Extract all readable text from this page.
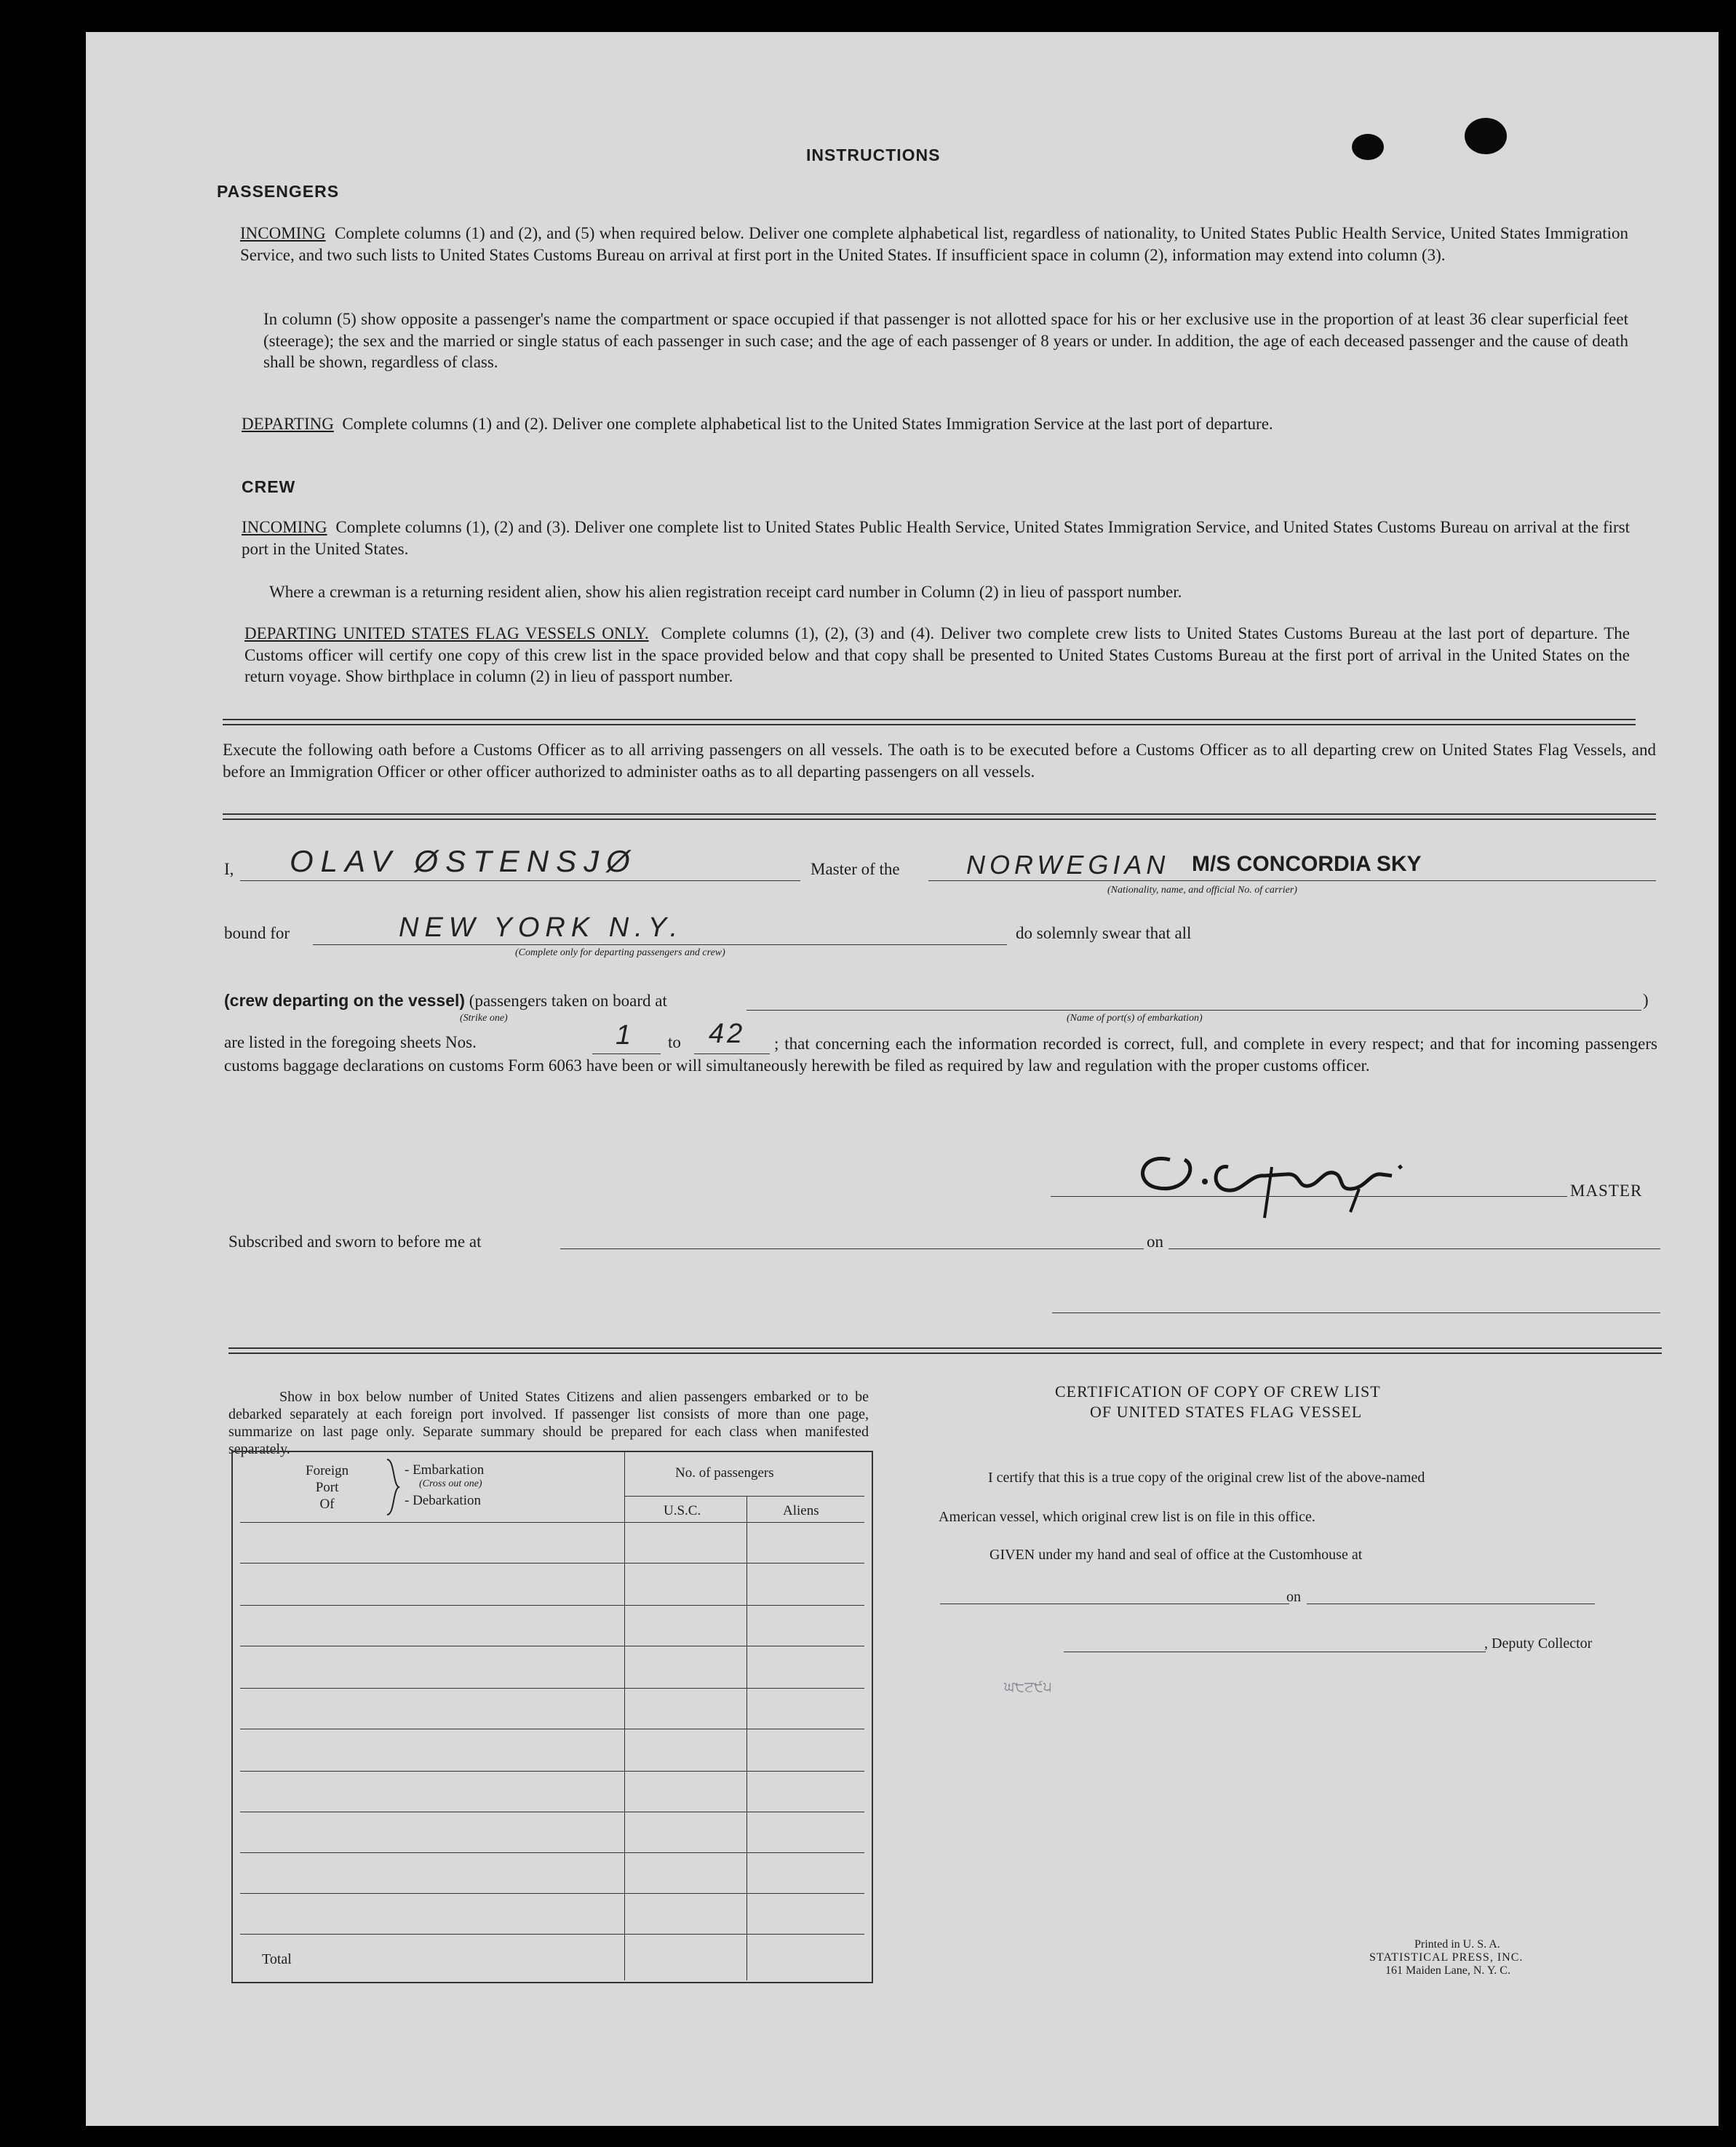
INSTRUCTIONS
PASSENGERS
INCOMING Complete columns (1) and (2), and (5) when required below. Deliver one complete alphabetical list, regardless of nationality, to United States Public Health Service, United States Immigration Service, and two such lists to United States Customs Bureau on arrival at first port in the United States. If insufficient space in column (2), information may extend into column (3).
In column (5) show opposite a passenger's name the compartment or space occupied if that passenger is not allotted space for his or her exclusive use in the proportion of at least 36 clear superficial feet (steerage); the sex and the married or single status of each passenger in such case; and the age of each passenger of 8 years or under. In addition, the age of each deceased passenger and the cause of death shall be shown, regardless of class.
DEPARTING Complete columns (1) and (2). Deliver one complete alphabetical list to the United States Immigration Service at the last port of departure.
CREW
INCOMING Complete columns (1), (2) and (3). Deliver one complete list to United States Public Health Service, United States Immigration Service, and United States Customs Bureau on arrival at the first port in the United States.
Where a crewman is a returning resident alien, show his alien registration receipt card number in Column (2) in lieu of passport number.
DEPARTING UNITED STATES FLAG VESSELS ONLY. Complete columns (1), (2), (3) and (4). Deliver two complete crew lists to United States Customs Bureau at the last port of departure. The Customs officer will certify one copy of this crew list in the space provided below and that copy shall be presented to United States Customs Bureau at the first port of arrival in the United States on the return voyage. Show birthplace in column (2) in lieu of passport number.
Execute the following oath before a Customs Officer as to all arriving passengers on all vessels. The oath is to be executed before a Customs Officer as to all departing crew on United States Flag Vessels, and before an Immigration Officer or other officer authorized to administer oaths as to all departing passengers on all vessels.
I, OLAV ØSTENSJØ	Master of the	NORWEGIAN M/S CONCORDIA SKY
(Nationality, name, and official No. of carrier)
bound for	NEW YORK N.Y.
(Complete only for departing passengers and crew)
do solemnly swear that all
(crew departing on the vessel) (passengers taken on board at	)
(Strike one)	(Name of port(s) of embarkation)
are listed in the foregoing sheets Nos.	1 to 42	; that concerning each the information recorded is correct, full, and complete in every respect; and that for incoming passengers customs baggage declarations on customs Form 6063 have been or will simultaneously herewith be filed as required by law and regulation with the proper customs officer.
MASTER
Subscribed and sworn to before me at	on
Show in box below number of United States Citizens and alien passengers embarked or to be debarked separately at each foreign port involved. If passenger list consists of more than one page, summarize on last page only. Separate summary should be prepared for each class when manifested separately.
Foreign
Port
Of
- Embarkation
(Cross out one)
- Debarkation
No. of passengers
U.S.C.	Aliens
Total
CERTIFICATION OF COPY OF CREW LIST
OF UNITED STATES FLAG VESSEL
I certify that this is a true copy of the original crew list of the above-named
American vessel, which original crew list is on file in this office.
GIVEN under my hand and seal of office at the Customhouse at
on
, Deputy Collector
ਘ੮ਟ੯੫
Printed in U. S. A.
STATISTICAL PRESS, INC.
161 Maiden Lane, N. Y. C.
